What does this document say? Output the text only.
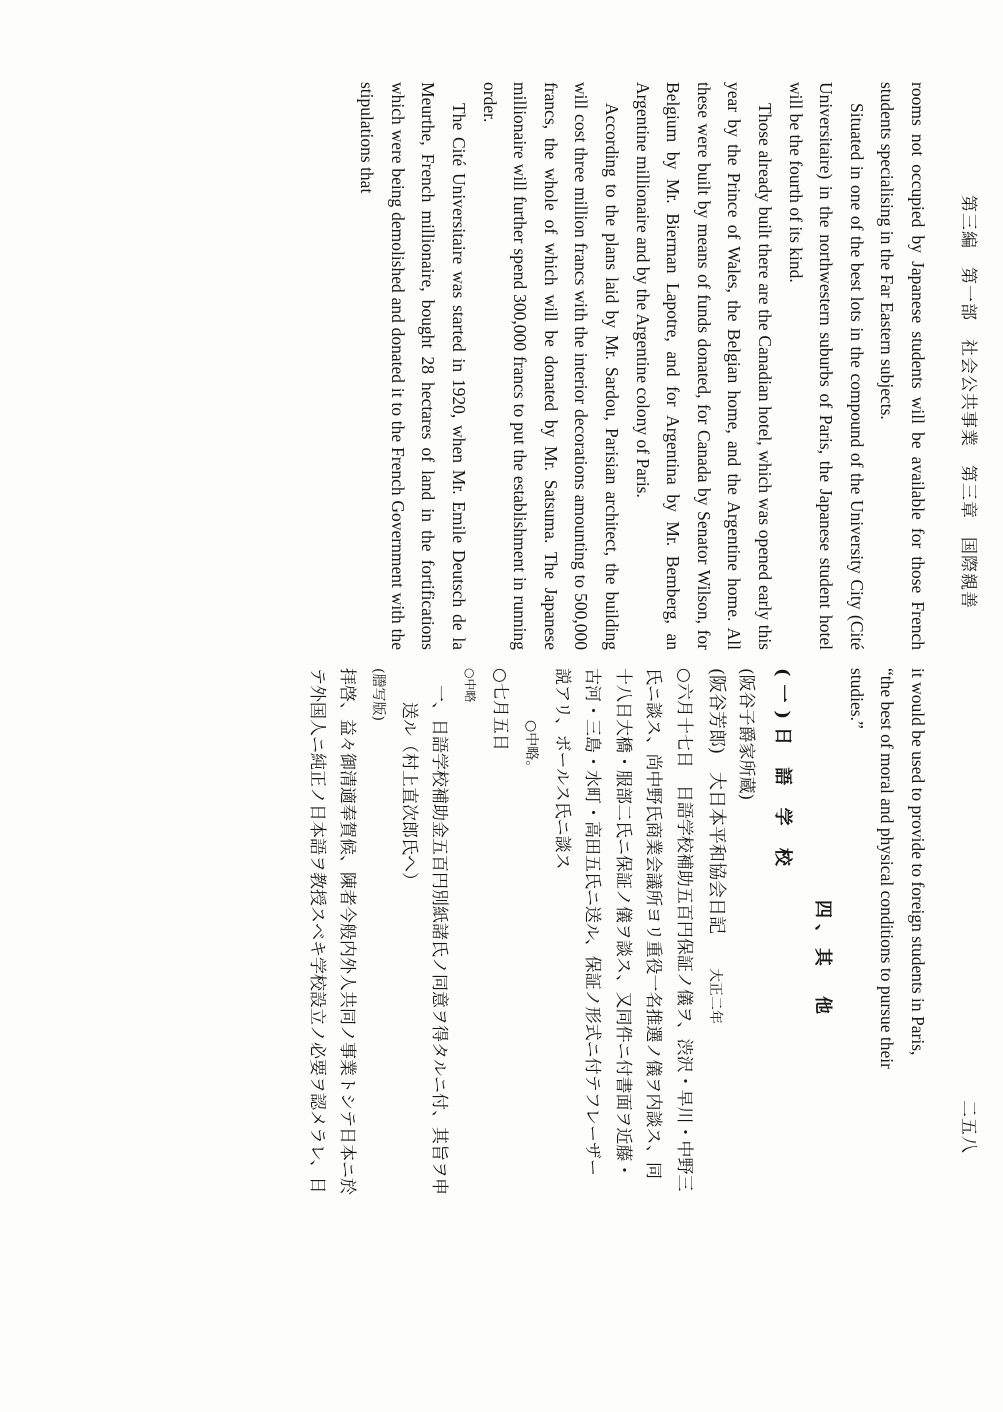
第三編　第一部　社会公共事業　第三章　国際親善
二五八

rooms not occupied by Japanese students will be available for those French students specialising in the Far Eastern subjects.

Situated in one of the best lots in the compound of the University City (Cité Universitaire) in the northwestern suburbs of Paris, the Japanese student hotel will be the fourth of its kind.

Those already built there are the Canadian hotel, which was opened early this year by the Prince of Wales, the Belgian home, and the Argentine home. All these were built by means of funds donated, for Canada by Senator Wilson, for Belgium by Mr. Bierman Lapotre, and for Argentina by Mr. Bemberg, an Argentine millionaire and by the Argentine colony of Paris.

According to the plans laid by Mr. Sardou, Parisian architect, the building will cost three million francs with the interior decorations amounting to 500,000 francs, the whole of which will be donated by Mr. Satsuma. The Japanese millionaire will further spend 300,000 francs to put the establishment in running order.

The Cité Universitaire was started in 1920, when Mr. Emile Deutsch de la Meurthe, French millionaire, bought 28 hectares of land in the fortifications which were being demolished and donated it to the French Government with the stipulations that

it would be used to provide to foreign students in Paris,

“the best of moral and physical conditions to pursue their

studies.”

四、其　他
(一)日 語 学 校

(阪谷子爵家所蔵)

(阪谷芳郎)　大日本平和協会日記大正二年

○六月十七日　日語学校補助五百円保証ノ儀ヲ、渋沢・早川・中野三

氏ニ談ス、尚中野氏商業会議所ヨリ重役一名推選ノ儀ヲ内談ス、同

十八日大橋・服部二氏ニ保証ノ儀ヲ談ス、又同件ニ付書面ヲ近藤・

古河・三島・水町・高田五氏ニ送ル、保証ノ形式ニ付テフレーザー

説アリ、ボールス氏ニ談ス

○中略。

○七月五日

○中略

一、日語学校補助金五百円別紙諸氏ノ同意ヲ得タルニ付、其旨ヲ申

送ル（村上直次郎氏へ）

(謄写版)

拝啓、益々御清適奉賀候、陳者今般内外人共同ノ事業トシテ日本ニ於

テ外国人ニ純正ノ日本語ヲ教授スベキ学校設立ノ必要ヲ認メラレ、日
